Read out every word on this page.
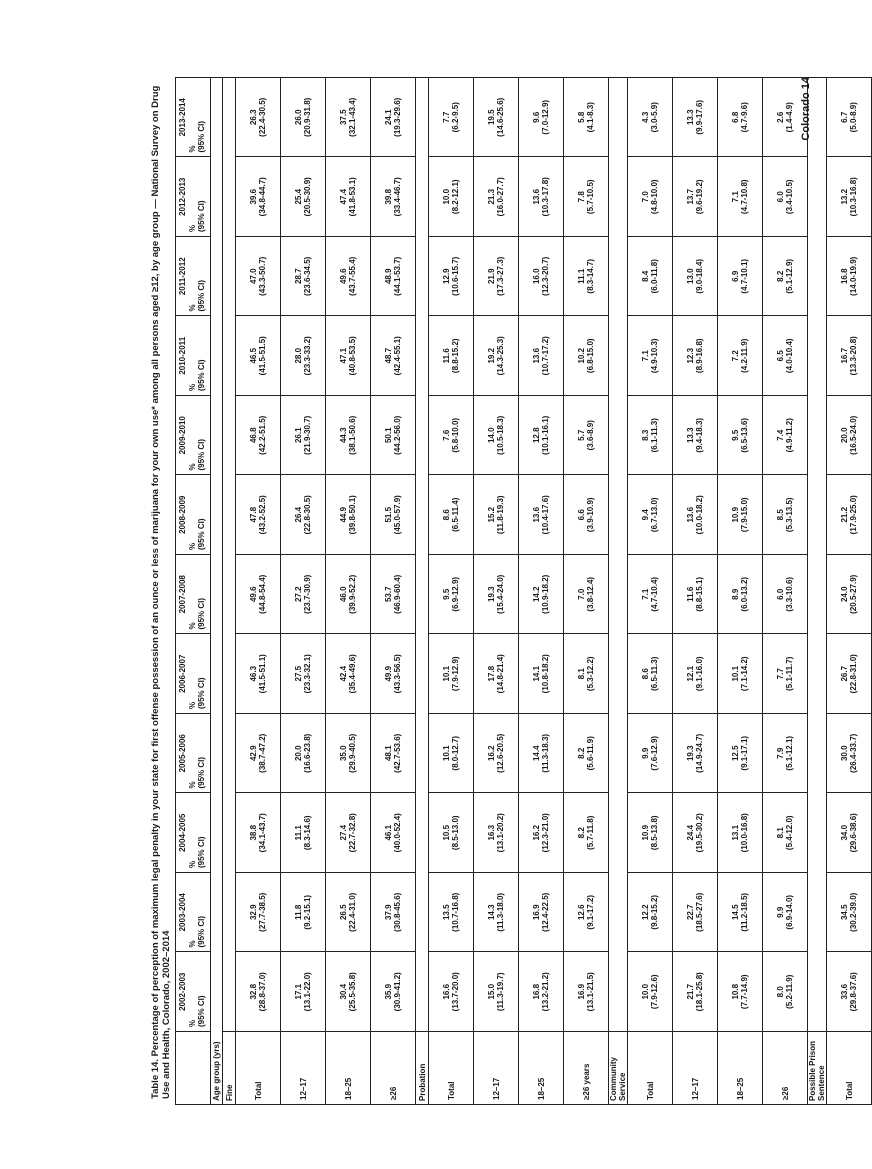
Table 14. Percentage of perception of maximum legal penalty in your state for first offense possession of an ounce or less of marijuana for your own use* among all persons aged ≥12, by age group — National Survey on Drug Use and Health, Colorado, 2002–2014
	2002-2003	2003-2004	2004-2005	2005-2006	2006-2007	2007-2008	2008-2009	2009-2010	2010-2011	2011-2012	2012-2013	2013-2014

	% (95% CI)	% (95% CI)	% (95% CI)	% (95% CI)	% (95% CI)	% (95% CI)	% (95% CI)	% (95% CI)	% (95% CI)	% (95% CI)	% (95% CI)	% (95% CI)

Age group (yrs)												
Fine												
Total	32.8 (28.8-37.0)	32.9 (27.7-38.5)	38.8 (34.1-43.7)	42.9 (38.7-47.2)	46.3 (41.5-51.1)	49.6 (44.8-54.4)	47.8 (43.2-52.5)	46.8 (42.2-51.5)	46.5 (41.5-51.5)	47.0 (43.3-50.7)	39.6 (34.8-44.7)	26.3 (22.4-30.5)

12–17	17.1 (13.1-22.0)	11.8 (9.2-15.1)	11.1 (8.3-14.6)	20.0 (16.6-23.8)	27.5 (23.3-32.1)	27.2 (23.7-30.9)	26.4 (22.8-30.5)	26.1 (21.9-30.7)	28.0 (23.3-33.2)	28.7 (23.6-34.5)	25.4 (20.5-30.9)	26.0 (20.9-31.8)

18–25	30.4 (25.5-35.8)	26.5 (22.4-31.0)	27.4 (22.7-32.8)	35.0 (29.9-40.5)	42.4 (35.4-49.6)	46.0 (39.9-52.2)	44.9 (39.8-50.1)	44.3 (38.1-50.6)	47.1 (40.8-53.5)	49.6 (43.7-55.4)	47.4 (41.8-53.1)	37.5 (32.1-43.4)

≥26	35.9 (30.9-41.2)	37.9 (30.8-45.6)	46.1 (40.0-52.4)	48.1 (42.7-53.6)	49.9 (43.3-56.5)	53.7 (46.9-60.4)	51.5 (45.0-57.9)	50.1 (44.2-56.0)	48.7 (42.4-55.1)	48.9 (44.1-53.7)	39.8 (33.4-46.7)	24.1 (19.3-29.6)

Probation												
Total	16.6 (13.7-20.0)	13.5 (10.7-16.8)	10.5 (8.5-13.0)	10.1 (8.0-12.7)	10.1 (7.9-12.9)	9.5 (6.9-12.9)	8.6 (6.5-11.4)	7.6 (5.8-10.0)	11.6 (8.8-15.2)	12.9 (10.6-15.7)	10.0 (8.2-12.1)	7.7 (6.2-9.5)

12–17	15.0 (11.3-19.7)	14.3 (11.3-18.0)	16.3 (13.1-20.2)	16.2 (12.6-20.5)	17.8 (14.8-21.4)	19.3 (15.4-24.0)	15.2 (11.8-19.3)	14.0 (10.5-18.3)	19.2 (14.3-25.3)	21.9 (17.3-27.3)	21.3 (16.0-27.7)	19.5 (14.6-25.6)

18–25	16.8 (13.2-21.2)	16.9 (12.4-22.5)	16.2 (12.3-21.0)	14.4 (11.3-18.3)	14.1 (10.8-18.2)	14.2 (10.9-18.2)	13.6 (10.4-17.6)	12.8 (10.1-16.1)	13.6 (10.7-17.2)	16.0 (12.3-20.7)	13.6 (10.3-17.8)	9.6 (7.0-12.9)

≥26 years	16.9 (13.1-21.5)	12.6 (9.1-17.2)	8.2 (5.7-11.8)	8.2 (5.6-11.9)	8.1 (5.3-12.2)	7.0 (3.8-12.4)	6.6 (3.9-10.9)	5.7 (3.6-8.9)	10.2 (6.8-15.0)	11.1 (8.3-14.7)	7.8 (5.7-10.5)	5.8 (4.1-8.3)

Community Service												
Total	10.0 (7.9-12.6)	12.2 (9.8-15.2)	10.9 (8.5-13.8)	9.9 (7.6-12.9)	8.6 (6.5-11.3)	7.1 (4.7-10.4)	9.4 (6.7-13.0)	8.3 (6.1-11.3)	7.1 (4.9-10.3)	8.4 (6.0-11.8)	7.0 (4.8-10.0)	4.3 (3.0-5.9)

12–17	21.7 (18.1-25.8)	22.7 (18.5-27.6)	24.4 (19.5-30.2)	19.3 (14.9-24.7)	12.1 (9.1-16.0)	11.6 (8.8-15.1)	13.6 (10.0-18.2)	13.3 (9.4-18.3)	12.3 (8.9-16.8)	13.0 (9.0-18.4)	13.7 (9.6-19.2)	13.3 (9.9-17.6)

18–25	10.8 (7.7-14.9)	14.5 (11.2-18.5)	13.1 (10.0-16.8)	12.5 (9.1-17.1)	10.1 (7.1-14.2)	8.9 (6.0-13.2)	10.9 (7.9-15.0)	9.5 (6.5-13.6)	7.2 (4.2-11.9)	6.9 (4.7-10.1)	7.1 (4.7-10.8)	6.8 (4.7-9.6)

≥26	8.0 (5.2-11.9)	9.9 (6.9-14.0)	8.1 (5.4-12.0)	7.9 (5.1-12.1)	7.7 (5.1-11.7)	6.0 (3.3-10.6)	8.5 (5.3-13.5)	7.4 (4.9-11.2)	6.5 (4.0-10.4)	8.2 (5.1-12.9)	6.0 (3.4-10.5)	2.6 (1.4-4.9)

Possible Prison Sentence												
Total	33.6 (29.8-37.6)	34.5 (30.2-39.0)	34.0 (29.6-38.6)	30.0 (26.4-33.7)	26.7 (22.8-31.0)	24.0 (20.5-27.9)	21.2 (17.9-25.0)	20.0 (16.5-24.0)	16.7 (13.3-20.8)	16.8 (14.0-19.9)	13.2 (10.3-16.8)	6.7 (5.0-8.9)
Colorado 14
